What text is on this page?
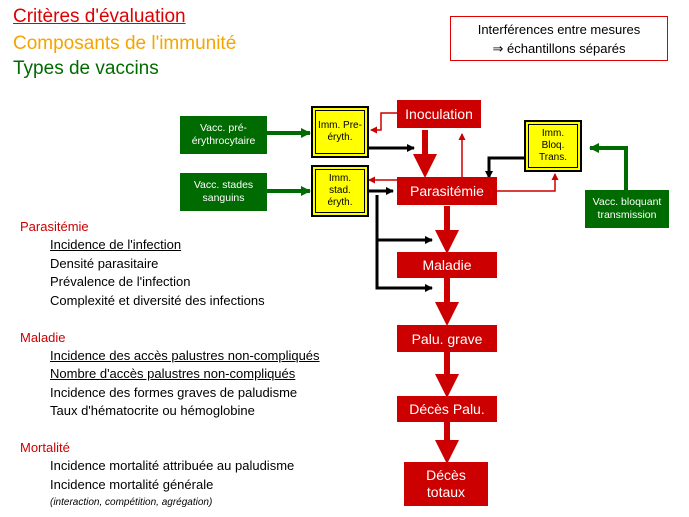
Critères d'évaluation
Composants de l'immunité
Types de vaccins
Interférences entre mesures
⇒ échantillons séparés
Vacc. pré-érythrocytaire
Vacc. stades sanguins	Vacc. bloquant transmission
Imm. Pre-éryth.
Imm. stad. éryth.
Imm. Bloq. Trans.
Inoculation
Parasitémie
Maladie
Palu. grave
Décès Palu.
Décès totaux
Parasitémie
Incidence de l'infection
Densité parasitaire
Prévalence de l'infection
Complexité et diversité des infections
Maladie
Incidence des accès palustres non-compliqués
Nombre d'accès palustres non-compliqués
Incidence des formes graves de paludisme
Taux d'hématocrite ou hémoglobine
Mortalité
Incidence mortalité attribuée au paludisme
Incidence mortalité générale
(interaction, compétition, agrégation)
